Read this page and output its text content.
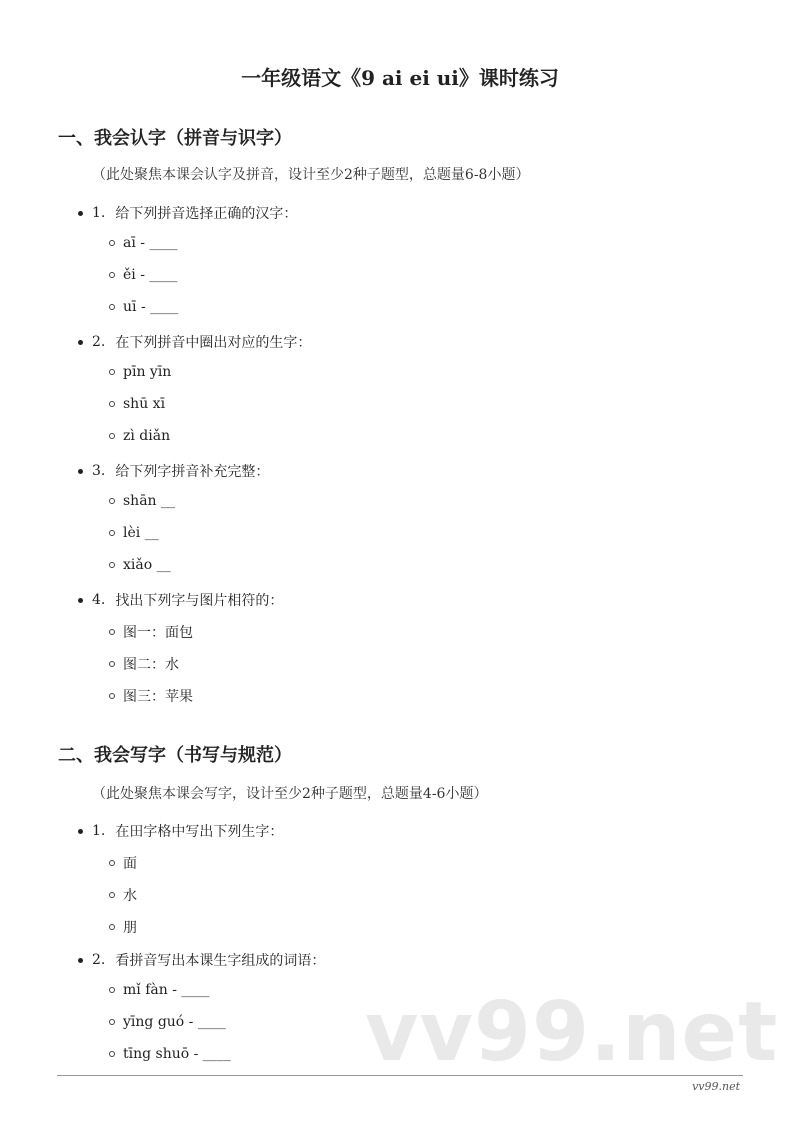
一年级语文《9 ai ei ui》课时练习
一、我会认字（拼音与识字）
（此处聚焦本课会认字及拼音，设计至少2种子题型，总题量6-8小题）
1. 给下列拼音选择正确的汉字：
aī - ____
ěi - ____
uī - ____
2. 在下列拼音中圈出对应的生字：
pīn yīn
shū xī
zì diǎn
3. 给下列字拼音补充完整：
shān __
lèi __
xiǎo __
4. 找出下列字与图片相符的：
图一：面包
图二：水
图三：苹果
二、我会写字（书写与规范）
（此处聚焦本课会写字，设计至少2种子题型，总题量4-6小题）
1. 在田字格中写出下列生字：
面
水
朋
2. 看拼音写出本课生字组成的词语：
mǐ fàn - ____
yīng guó - ____
tīng shuō - ____ vv99.net
vv99.net
